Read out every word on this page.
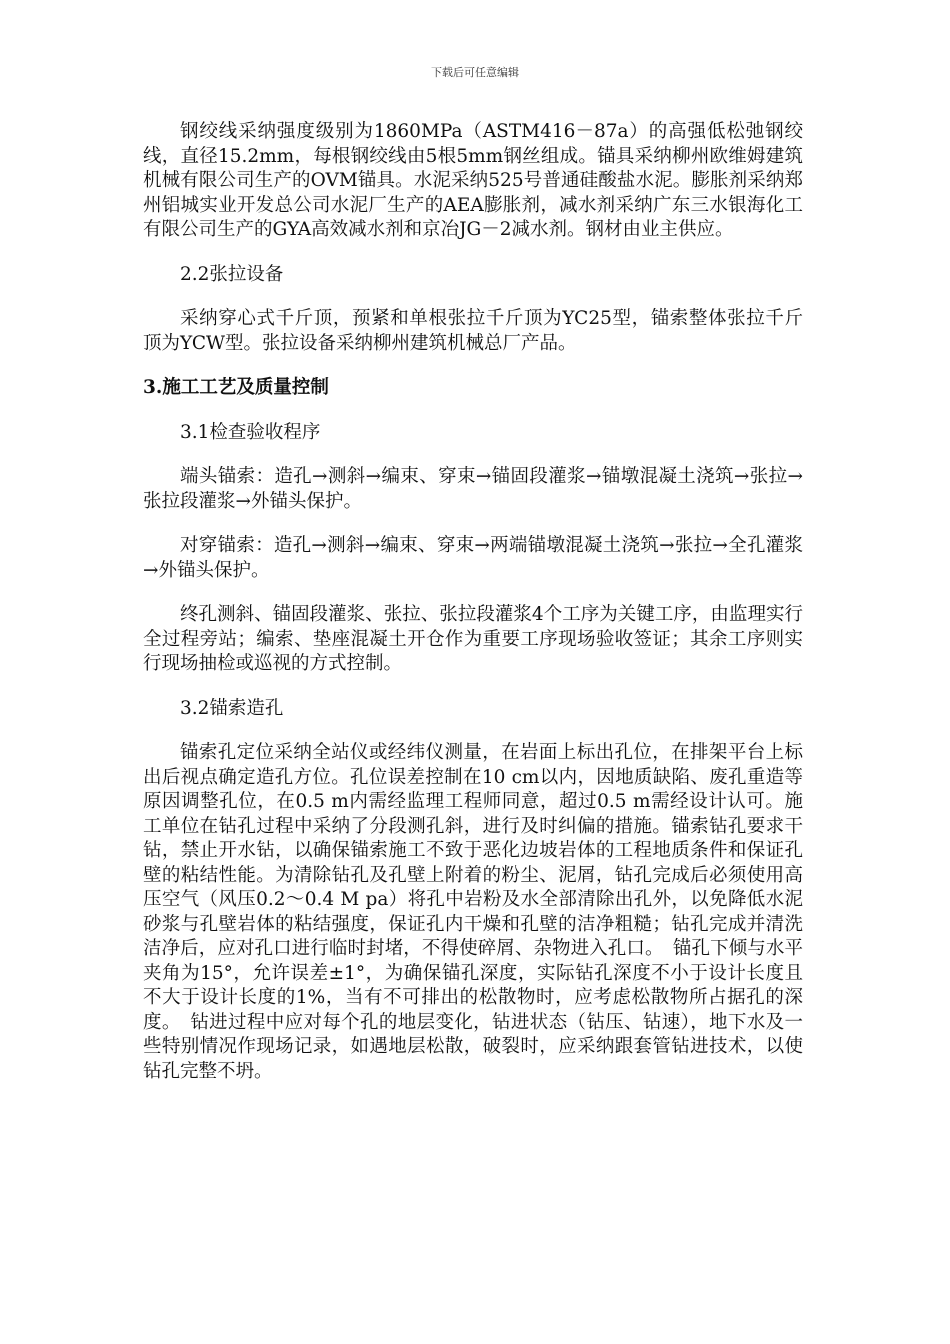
下载后可任意编辑

钢绞线采纳强度级别为1860MPa（ASTM416－87a）的高强低松弛钢绞线，直径15.2mm，每根钢绞线由5根5mm钢丝组成。锚具采纳柳州欧维姆建筑机械有限公司生产的OVM锚具。水泥采纳525号普通硅酸盐水泥。膨胀剂采纳郑州铝城实业开发总公司水泥厂生产的AEA膨胀剂，减水剂采纳广东三水银海化工有限公司生产的GYA高效减水剂和京冶JG－2减水剂。钢材由业主供应。

2.2张拉设备

采纳穿心式千斤顶，预紧和单根张拉千斤顶为YC25型，锚索整体张拉千斤顶为YCW型。张拉设备采纳柳州建筑机械总厂产品。

3.施工工艺及质量控制

3.1检查验收程序

端头锚索：造孔→测斜→编束、穿束→锚固段灌浆→锚墩混凝土浇筑→张拉→张拉段灌浆→外锚头保护。

对穿锚索：造孔→测斜→编束、穿束→两端锚墩混凝土浇筑→张拉→全孔灌浆→外锚头保护。

终孔测斜、锚固段灌浆、张拉、张拉段灌浆4个工序为关键工序，由监理实行全过程旁站；编索、垫座混凝土开仓作为重要工序现场验收签证；其余工序则实行现场抽检或巡视的方式控制。

3.2锚索造孔

锚索孔定位采纳全站仪或经纬仪测量，在岩面上标出孔位，在排架平台上标出后视点确定造孔方位。孔位误差控制在10 cm以内，因地质缺陷、废孔重造等原因调整孔位，在0.5 m内需经监理工程师同意，超过0.5 m需经设计认可。施工单位在钻孔过程中采纳了分段测孔斜，进行及时纠偏的措施。锚索钻孔要求干钻，禁止开水钻，以确保锚索施工不致于恶化边坡岩体的工程地质条件和保证孔壁的粘结性能。为清除钻孔及孔壁上附着的粉尘、泥屑，钻孔完成后必须使用高压空气（风压0.2～0.4 M pa）将孔中岩粉及水全部清除出孔外，以免降低水泥砂浆与孔壁岩体的粘结强度，保证孔内干燥和孔壁的洁净粗糙；钻孔完成并清洗洁净后，应对孔口进行临时封堵，不得使碎屑、杂物进入孔口。　锚孔下倾与水平夹角为15°，允许误差±1°，为确保锚孔深度，实际钻孔深度不小于设计长度且不大于设计长度的1%，当有不可排出的松散物时，应考虑松散物所占据孔的深度。　钻进过程中应对每个孔的地层变化，钻进状态（钻压、钻速），地下水及一些特别情况作现场记录，如遇地层松散，破裂时，应采纳跟套管钻进技术，以使钻孔完整不坍。
